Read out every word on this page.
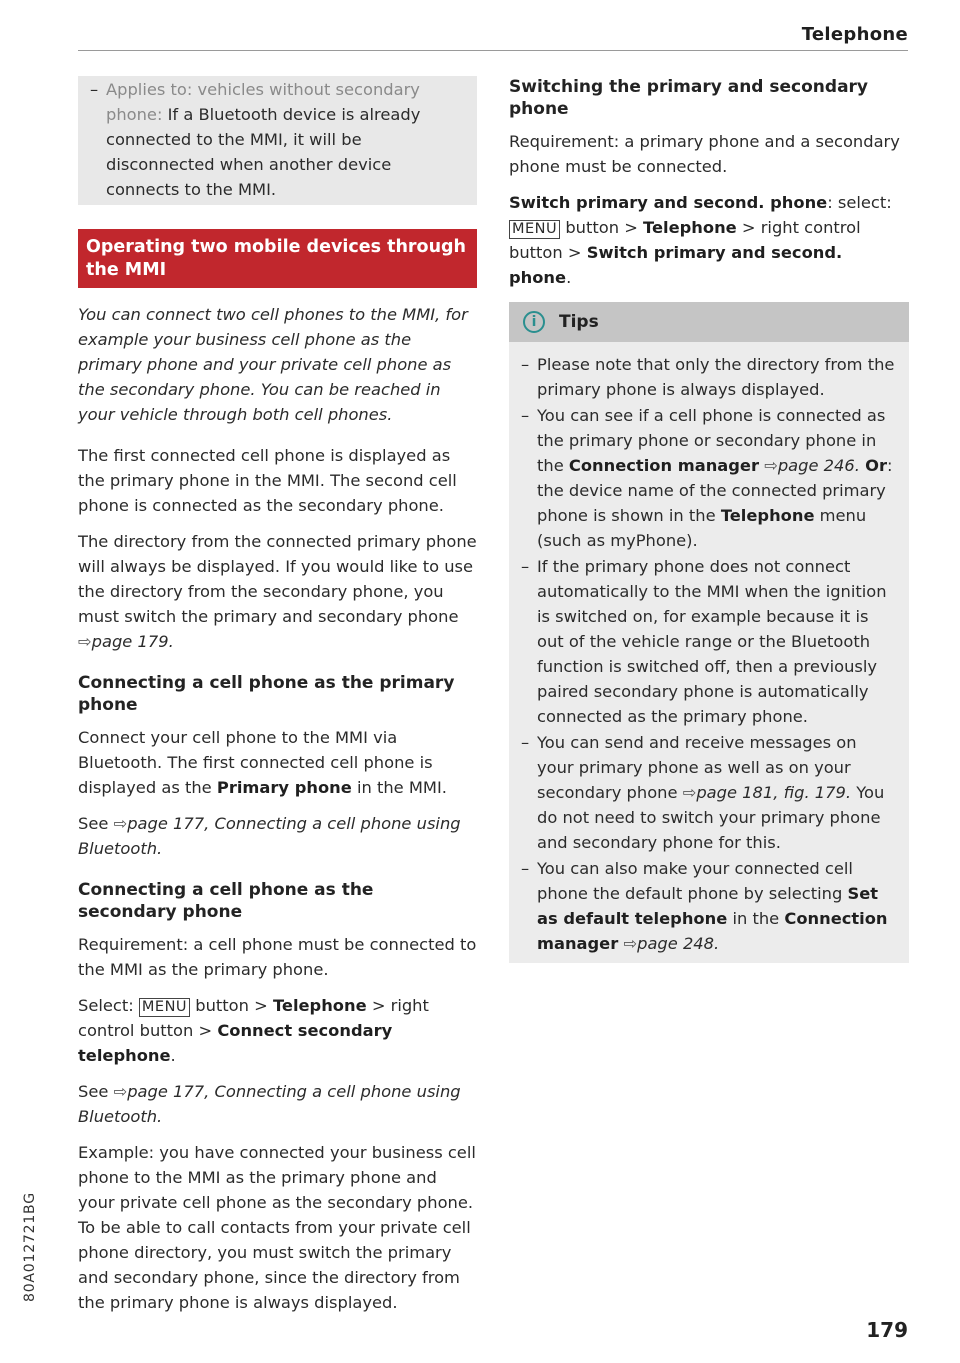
Telephone
– Applies to: vehicles without secondary phone: If a Bluetooth device is already connected to the MMI, it will be disconnected when another device connects to the MMI.

Operating two mobile devices through the MMI

You can connect two cell phones to the MMI, for example your business cell phone as the primary phone and your private cell phone as the secondary phone. You can be reached in your vehicle through both cell phones.

The first connected cell phone is displayed as the primary phone in the MMI. The second cell phone is connected as the secondary phone.

The directory from the connected primary phone will always be displayed. If you would like to use the directory from the secondary phone, you must switch the primary and secondary phone ⇨page 179.

Connecting a cell phone as the primary phone

Connect your cell phone to the MMI via Bluetooth. The first connected cell phone is displayed as the Primary phone in the MMI.

See ⇨page 177, Connecting a cell phone using Bluetooth.

Connecting a cell phone as the secondary phone

Requirement: a cell phone must be connected to the MMI as the primary phone.

Select: MENU button > Telephone > right control button > Connect secondary telephone.

See ⇨page 177, Connecting a cell phone using Bluetooth.

Example: you have connected your business cell phone to the MMI as the primary phone and your private cell phone as the secondary phone. To be able to call contacts from your private cell phone directory, you must switch the primary and secondary phone, since the directory from the primary phone is always displayed.

Switching the primary and secondary phone

Requirement: a primary phone and a secondary phone must be connected.

Switch primary and second. phone: select: MENU button > Telephone > right control button > Switch primary and second. phone.

i	Tips
– Please note that only the directory from the primary phone is always displayed.
– You can see if a cell phone is connected as the primary phone or secondary phone in the Connection manager ⇨page 246. Or: the device name of the connected primary phone is shown in the Telephone menu (such as myPhone).
– If the primary phone does not connect automatically to the MMI when the ignition is switched on, for example because it is out of the vehicle range or the Bluetooth function is switched off, then a previously paired secondary phone is automatically connected as the primary phone.
– You can send and receive messages on your primary phone as well as on your secondary phone ⇨page 181, fig. 179. You do not need to switch your primary phone and secondary phone for this.
– You can also make your connected cell phone the default phone by selecting Set as default telephone in the Connection manager ⇨page 248.
80A012721BG
179
